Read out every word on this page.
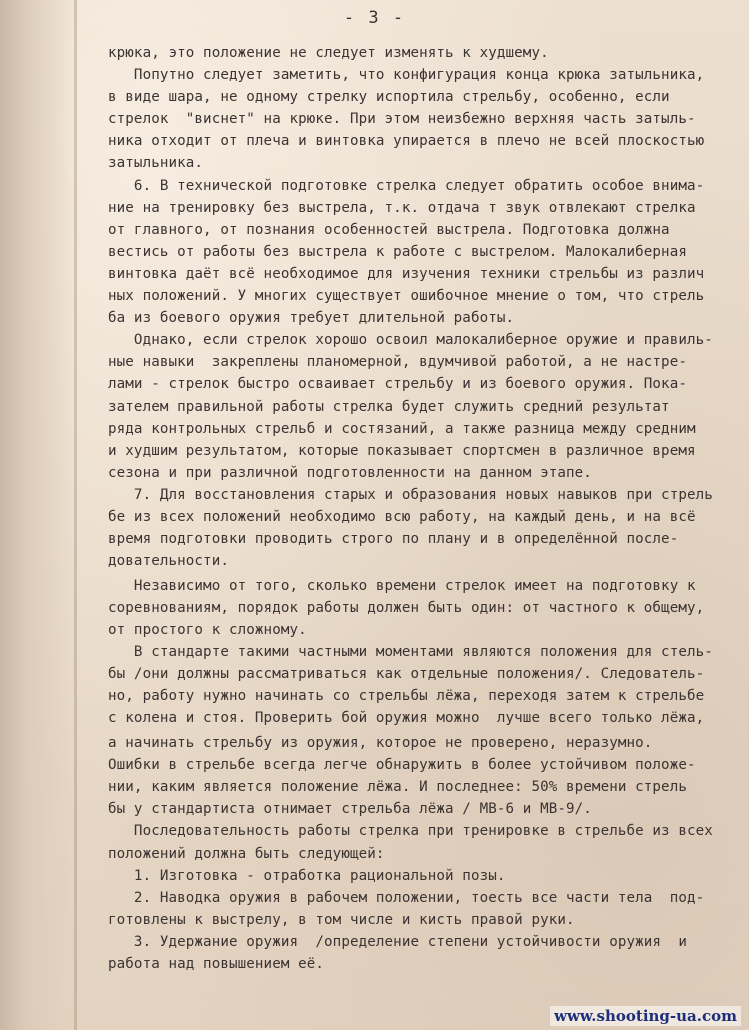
- 3 -
крюка, это положение не следует изменять к худшему.
Попутно следует заметить, что конфигурация конца крюка затыльника,
в виде шара, не одному стрелку испортила стрельбу, особенно, если
стрелок  "виснет" на крюке. При этом неизбежно верхняя часть затыль-
ника отходит от плеча и винтовка упирается в плечо не всей плоскостью
затыльника.
6. В технической подготовке стрелка следует обратить особое внима-
ние на тренировку без выстрела, т.к. отдача т звук отвлекают стрелка
от главного, от познания особенностей выстрела. Подготовка должна
вестись от работы без выстрела к работе с выстрелом. Малокалиберная
винтовка даёт всё необходимое для изучения техники стрельбы из различ
ных положений. У многих существует ошибочное мнение о том, что стрель
ба из боевого оружия требует длительной работы.
Однако, если стрелок хорошо освоил малокалиберное оружие и правиль-
ные навыки  закреплены планомерной, вдумчивой работой, а не настре-
лами - стрелок быстро осваивает стрельбу и из боевого оружия. Пока-
зателем правильной работы стрелка будет служить средний результат
ряда контрольных стрельб и состязаний, а также разница между средним
и худшим результатом, которые показывает спортсмен в различное время
сезона и при различной подготовленности на данном этапе.
7. Для восстановления старых и образования новых навыков при стрель
бе из всех положений необходимо всю работу, на каждый день, и на всё
время подготовки проводить строго по плану и в определённой после-
довательности.
Независимо от того, сколько времени стрелок имеет на подготовку к
соревнованиям, порядок работы должен быть один: от частного к общему,
от простого к сложному.
В стандарте такими частными моментами являются положения для стель-
бы /они должны рассматриваться как отдельные положения/. Следователь-
но, работу нужно начинать со стрельбы лёжа, переходя затем к стрельбе
с колена и стоя. Проверить бой оружия можно  лучше всего только лёжа,
а начинать стрельбу из оружия, которое не проверено, неразумно.
Ошибки в стрельбе всегда легче обнаружить в более устойчивом положе-
нии, каким является положение лёжа. И последнее: 50% времени стрель
бы у стандартиста отнимает стрельба лёжа / МВ-6 и МВ-9/.
Последовательность работы стрелка при тренировке в стрельбе из всех
положений должна быть следующей:
1. Изготовка - отработка рациональной позы.
2. Наводка оружия в рабочем положении, тоесть все части тела  под-
готовлены к выстрелу, в том числе и кисть правой руки.
3. Удержание оружия  /определение степени устойчивости оружия  и
работа над повышением её.
www.shooting-ua.com
